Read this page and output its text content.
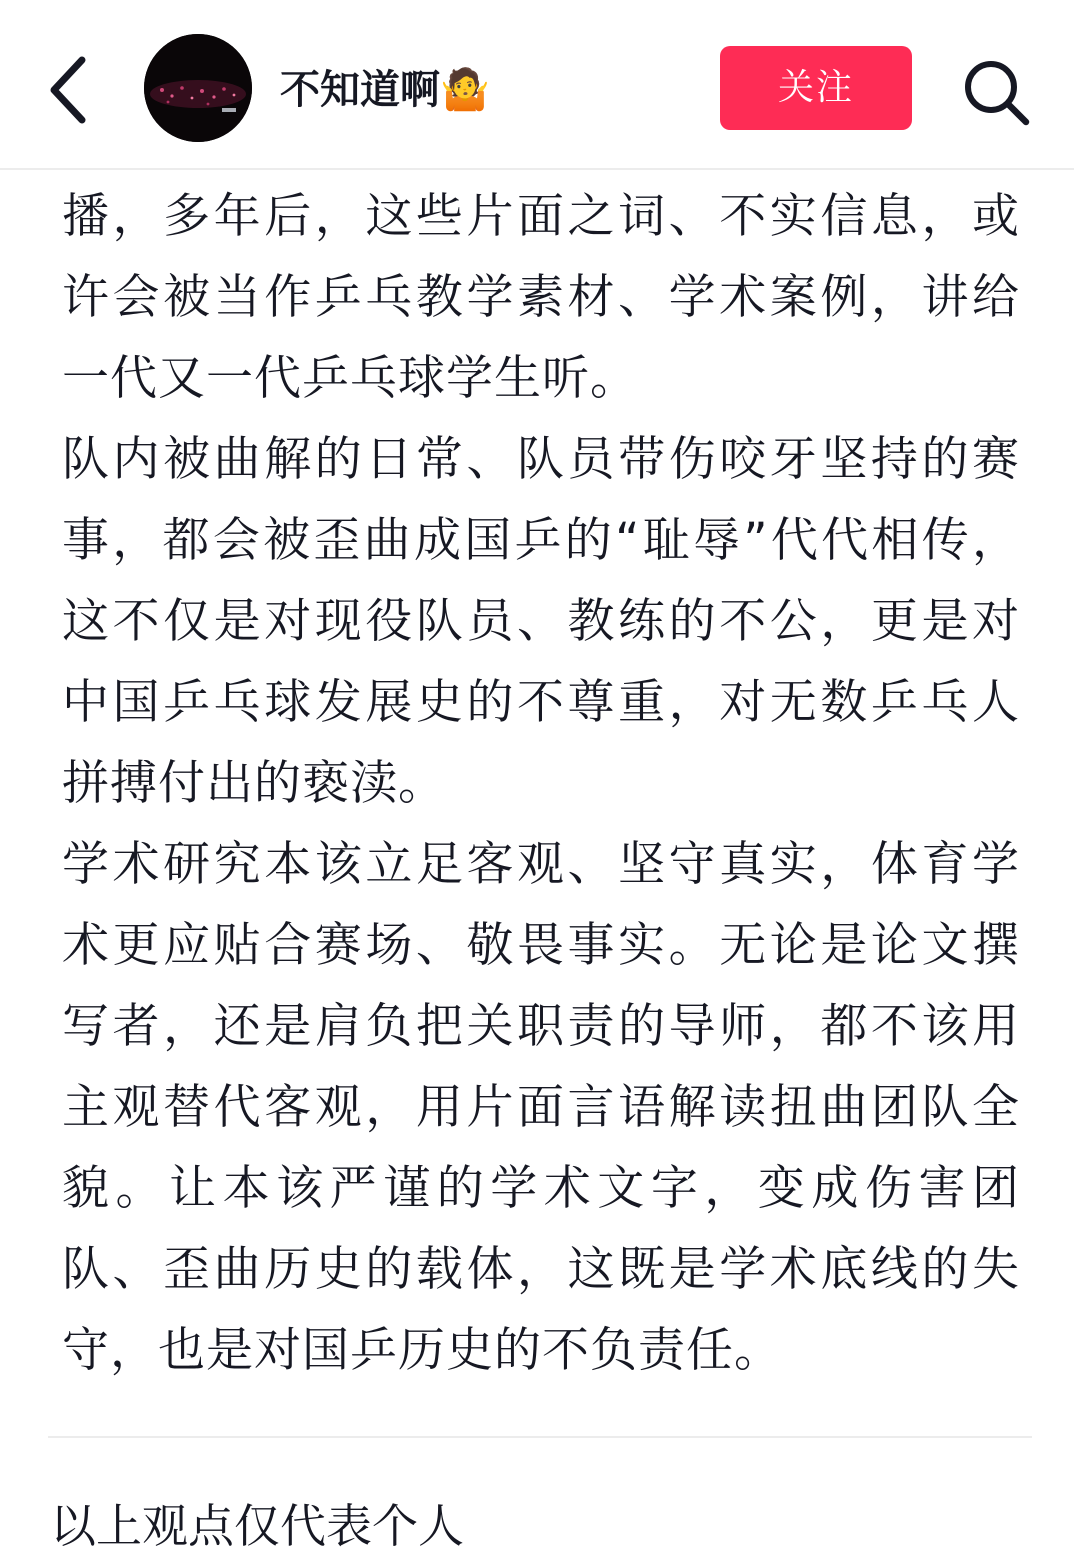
不知道啊🤷	关注

播，多年后，这些片面之词、不实信息，或许会被当作乒乓教学素材、学术案例，讲给一代又一代乒乓球学生听。

队内被曲解的日常、队员带伤咬牙坚持的赛事，都会被歪曲成国乒的“耻辱”代代相传，这不仅是对现役队员、教练的不公，更是对中国乒乓球发展史的不尊重，对无数乒乓人拼搏付出的亵渎。

学术研究本该立足客观、坚守真实，体育学术更应贴合赛场、敬畏事实。无论是论文撰写者，还是肩负把关职责的导师，都不该用主观替代客观，用片面言语解读扭曲团队全貌。让本该严谨的学术文字，变成伤害团队、歪曲历史的载体，这既是学术底线的失守，也是对国乒历史的不负责任。

以上观点仅代表个人
